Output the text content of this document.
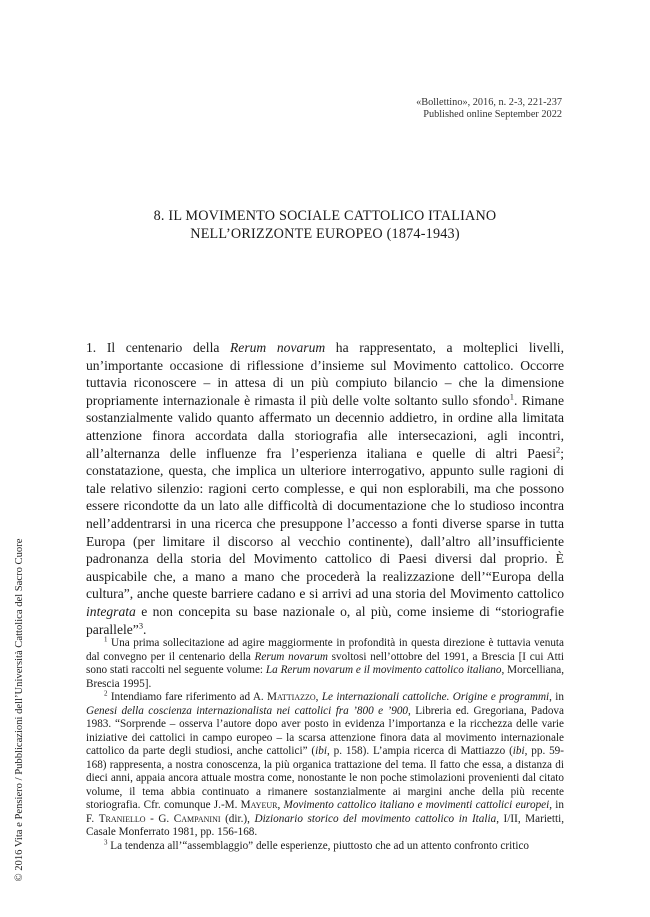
«Bollettino», 2016, n. 2-3, 221-237
Published online September 2022
8. IL MOVIMENTO SOCIALE CATTOLICO ITALIANO
NELL’ORIZZONTE EUROPEO (1874-1943)

1. Il centenario della Rerum novarum ha rappresentato, a molteplici livelli, un’importante occasione di riflessione d’insieme sul Movimento cattolico. Occorre tuttavia riconoscere – in attesa di un più compiuto bilancio – che la dimensione propriamente internazionale è rimasta il più delle volte soltanto sullo sfondo$^1$. Rimane sostanzialmente valido quanto affermato un decennio addietro, in ordine alla limitata attenzione finora accordata dalla storiografia alle intersecazioni, agli incontri, all’alternanza delle influenze fra l’esperienza italiana e quelle di altri Paesi$^2$; constatazione, questa, che implica un ulteriore interrogativo, appunto sulle ragioni di tale relativo silenzio: ragioni certo complesse, e qui non esplorabili, ma che possono essere ricondotte da un lato alle difficoltà di documentazione che lo studioso incontra nell’addentrarsi in una ricerca che presuppone l’accesso a fonti diverse sparse in tutta Europa (per limitare il discorso al vecchio continente), dall’altro all’insufficiente padronanza della storia del Movimento cattolico di Paesi diversi dal proprio. È auspicabile che, a mano a mano che procederà la realizzazione dell’“Europa della cultura”, anche queste barriere cadano e si arrivi ad una storia del Movimento cattolico integrata e non concepita su base nazionale o, al più, come insieme di “storiografie parallele”$^3$.

$^1$ Una prima sollecitazione ad agire maggiormente in profondità in questa direzione è tuttavia venuta dal convegno per il centenario della Rerum novarum svoltosi nell’ottobre del 1991, a Brescia [I cui Atti sono stati raccolti nel seguente volume: La Rerum novarum e il movimento cattolico italiano, Morcelliana, Brescia 1995].

$^2$ Intendiamo fare riferimento ad A. Mattiazzo, Le internazionali cattoliche. Origine e programmi, in Genesi della coscienza internazionalista nei cattolici fra ’800 e ’900, Libreria ed. Gregoriana, Padova 1983. “Sorprende – osserva l’autore dopo aver posto in evidenza l’importanza e la ricchezza delle varie iniziative dei cattolici in campo europeo – la scarsa attenzione finora data al movimento internazionale cattolico da parte degli studiosi, anche cattolici” (ibi, p. 158). L’ampia ricerca di Mattiazzo (ibi, pp. 59-168) rappresenta, a nostra conoscenza, la più organica trattazione del tema. Il fatto che essa, a distanza di dieci anni, appaia ancora attuale mostra come, nonostante le non poche stimolazioni provenienti dal citato volume, il tema abbia continuato a rimanere sostanzialmente ai margini anche della più recente storiografia. Cfr. comunque J.-M. Mayeur, Movimento cattolico italiano e movimenti cattolici europei, in F. Traniello - G. Campanini (dir.), Dizionario storico del movimento cattolico in Italia, I/II, Marietti, Casale Monferrato 1981, pp. 156-168.

$^3$ La tendenza all’“assemblaggio” delle esperienze, piuttosto che ad un attento confronto critico

© 2016 Vita e Pensiero / Pubblicazioni dell’Università Cattolica del Sacro Cuore
